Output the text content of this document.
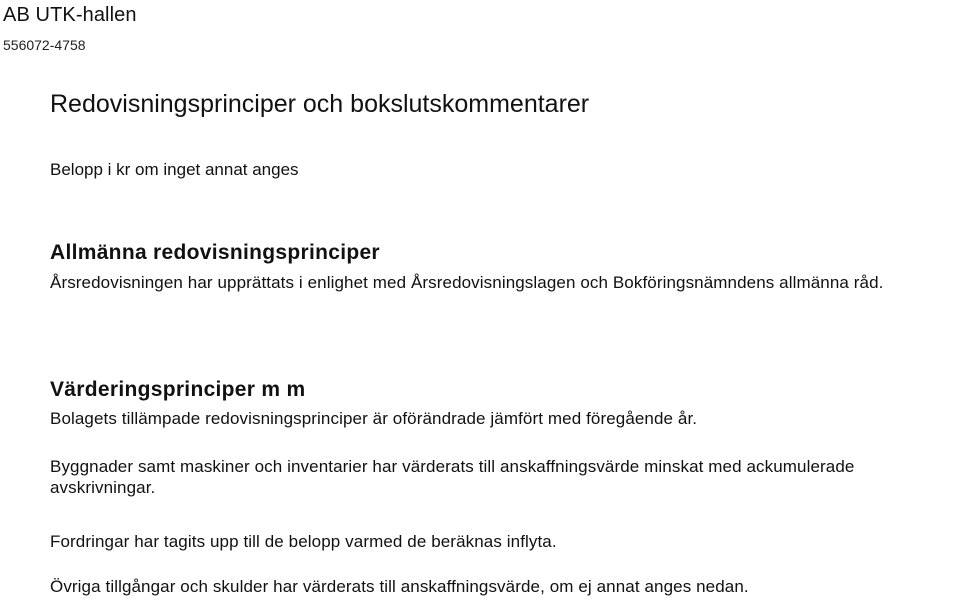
AB UTK-hallen
556072-4758
Redovisningsprinciper och bokslutskommentarer

Belopp i kr om inget annat anges

Allmänna redovisningsprinciper

Årsredovisningen har upprättats i enlighet med Årsredovisningslagen och Bokföringsnämndens allmänna råd.

Värderingsprinciper m m

Bolagets tillämpade redovisningsprinciper är oförändrade jämfört med föregående år.

Byggnader samt maskiner och inventarier har värderats till anskaffningsvärde minskat med ackumulerade avskrivningar.

Fordringar har tagits upp till de belopp varmed de beräknas inflyta.

Övriga tillgångar och skulder har värderats till anskaffningsvärde, om ej annat anges nedan.
